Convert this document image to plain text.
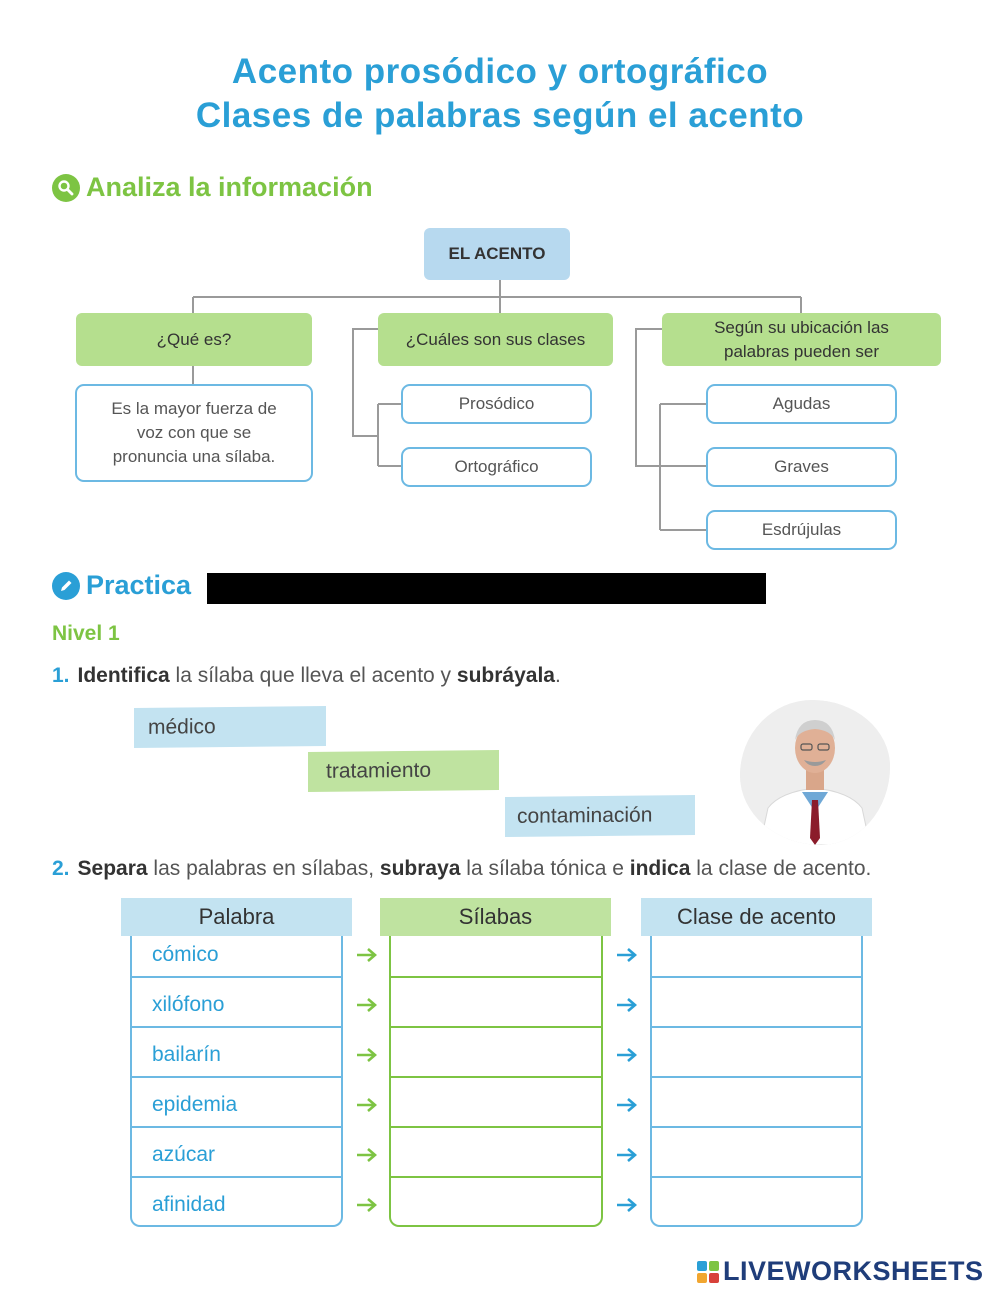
Acento prosódico y ortográfico
Clases de palabras según el acento
Analiza la información
EL ACENTO
¿Qué es?
Es la mayor fuerza de voz con que se pronuncia una sílaba.
¿Cuáles son sus clases
Prosódico
Ortográfico
Según su ubicación las palabras pueden ser
Agudas
Graves
Esdrújulas
Practica
Nivel 1
1. Identifica la sílaba que lleva el acento y subráyala.
médico
tratamiento
contaminación
2. Separa las palabras en sílabas, subraya la sílaba tónica e indica la clase de acento.
Palabra	Sílabas	Clase de acento
cómico
xilófono
bailarín
epidemia
azúcar
afinidad
LIVEWORKSHEETS
